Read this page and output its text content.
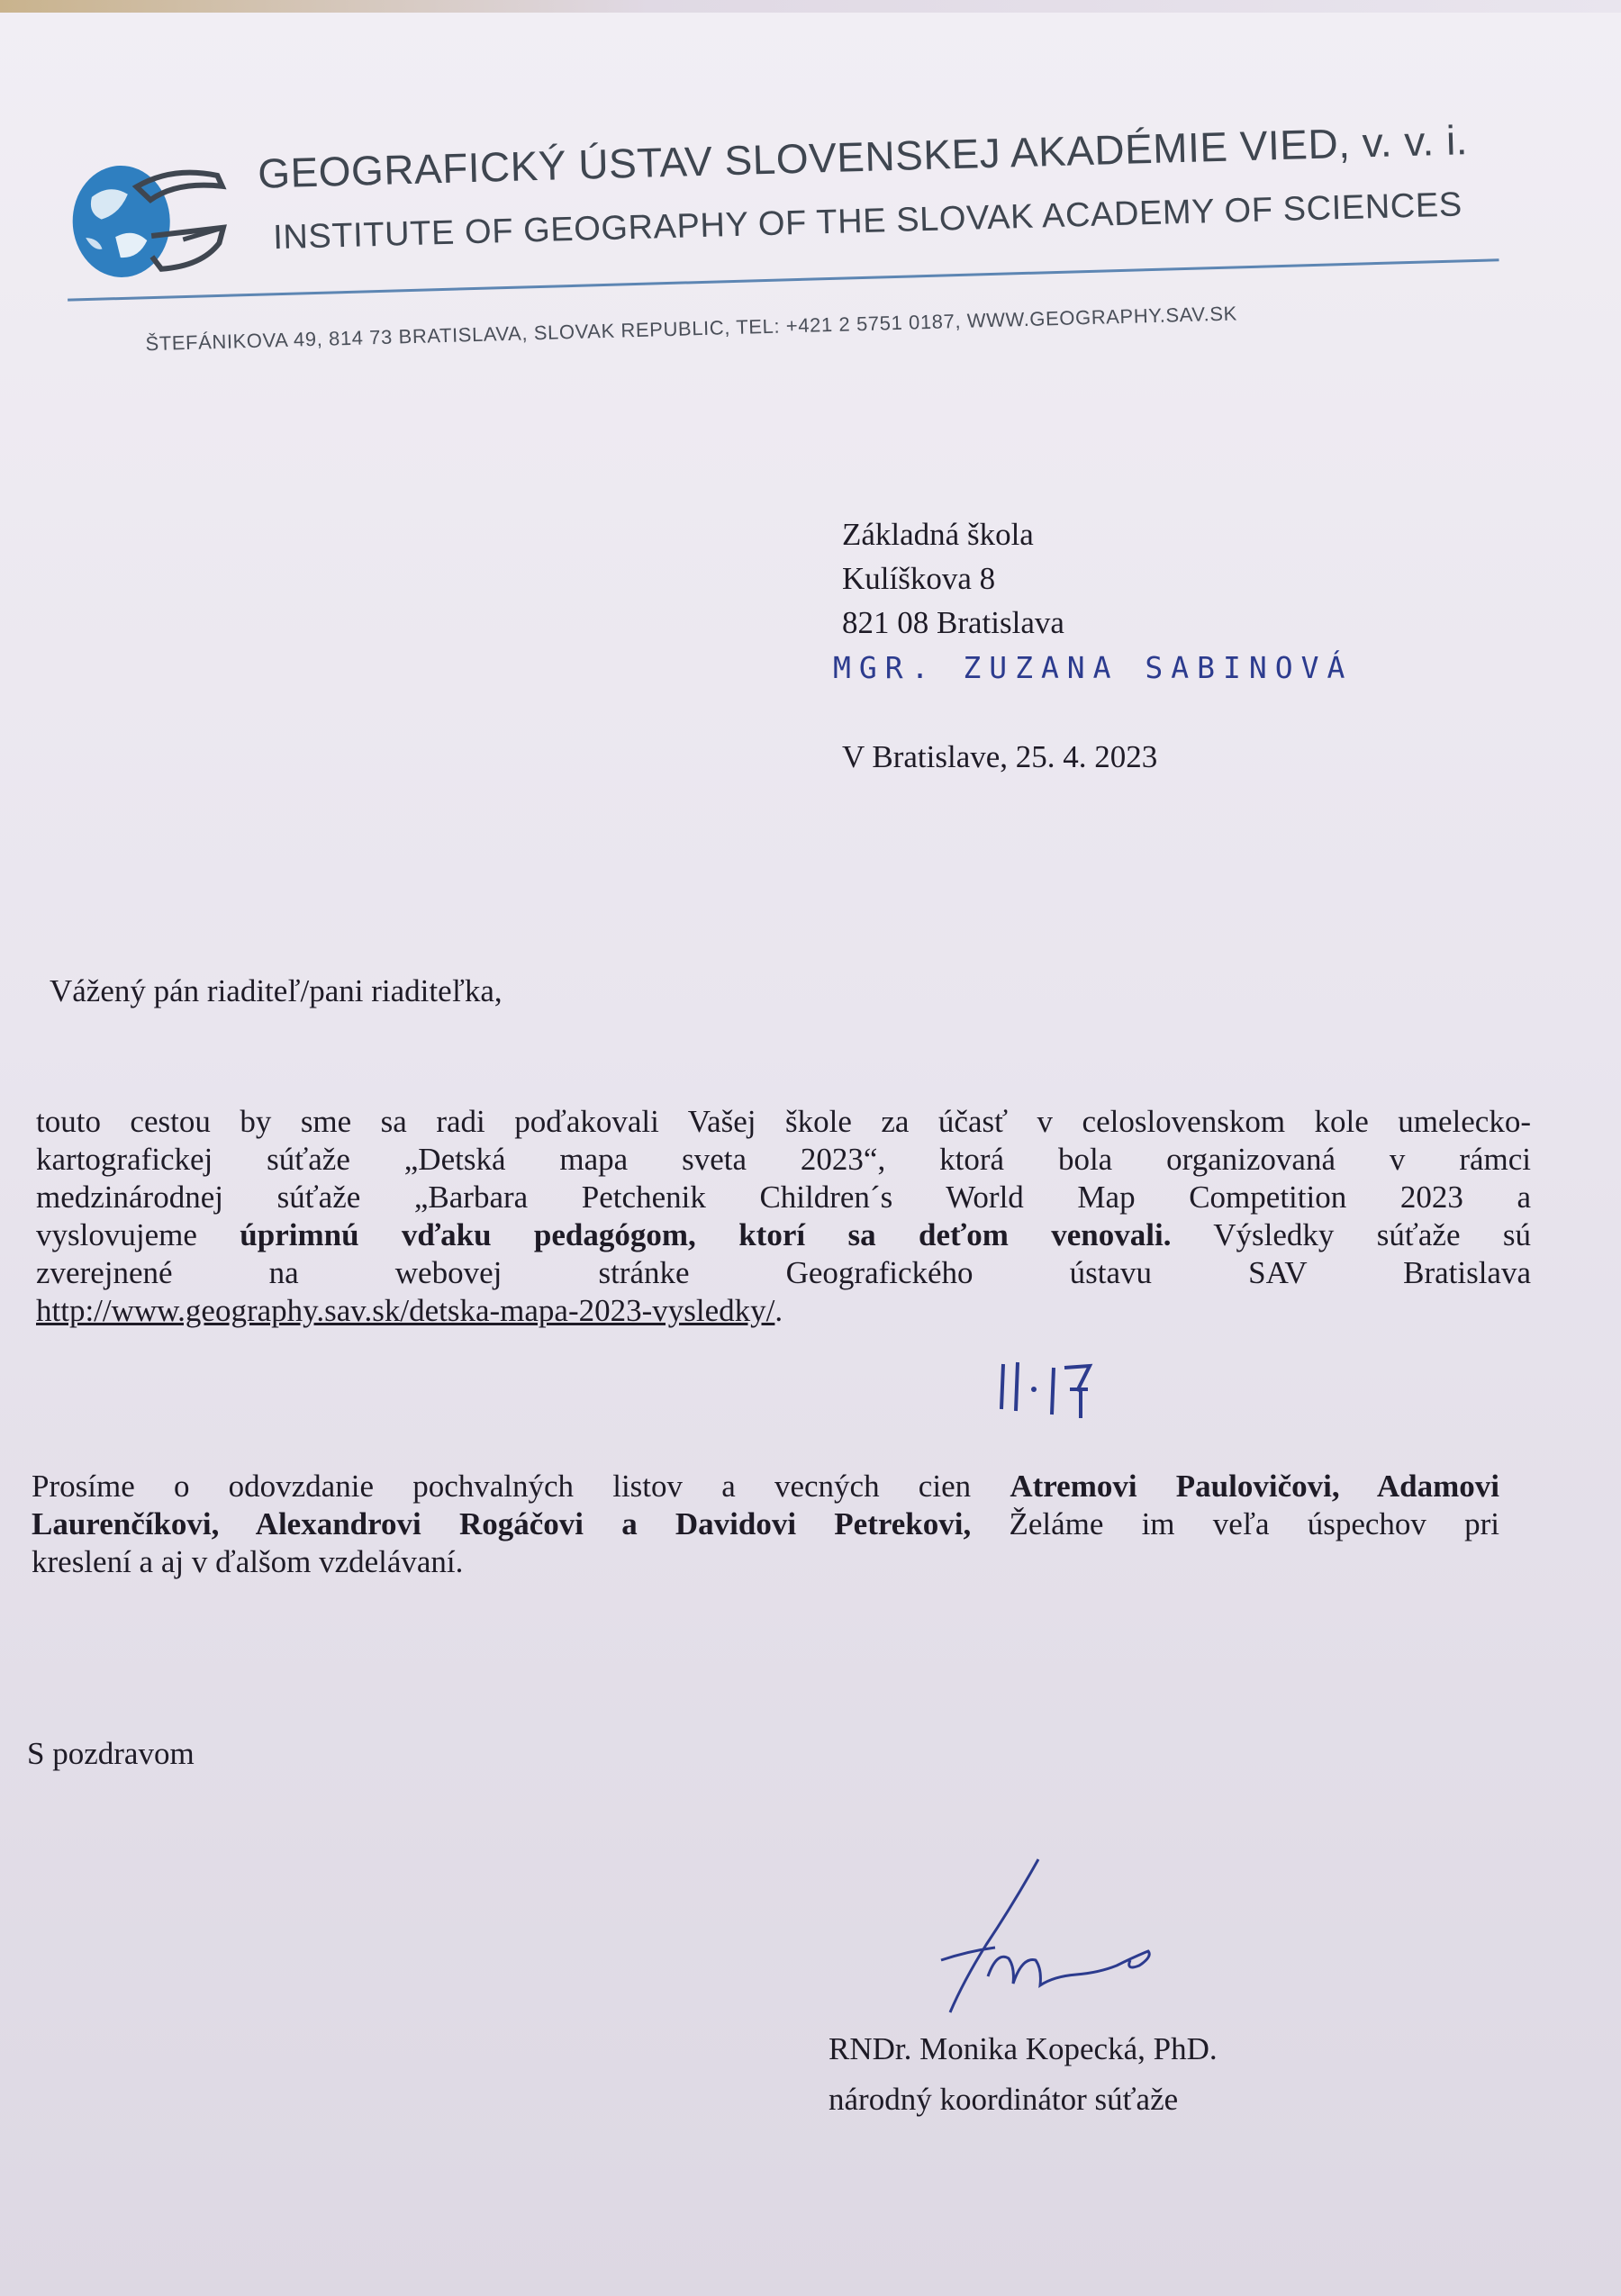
GEOGRAFICKÝ ÚSTAV SLOVENSKEJ AKADÉMIE VIED, v. v. i.
INSTITUTE OF GEOGRAPHY OF THE SLOVAK ACADEMY OF SCIENCES
ŠTEFÁNIKOVA 49, 814 73 BRATISLAVA, SLOVAK REPUBLIC, TEL: +421 2 5751 0187, WWW.GEOGRAPHY.SAV.SK
Základná škola
Kulíškova 8
821 08 Bratislava
MGR. ZUZANA SABINOVÁ
V Bratislave, 25. 4. 2023
Vážený pán riaditeľ/pani riaditeľka,
touto cestou by sme sa radi poďakovali Vašej škole za účasť v celoslovenskom kole umelecko-
kartografickej súťaže „Detská mapa sveta 2023“, ktorá bola organizovaná v rámci
medzinárodnej súťaže „Barbara Petchenik Children´s World Map Competition 2023 a
vyslovujeme úprimnú vďaku pedagógom, ktorí sa deťom venovali. Výsledky súťaže sú
zverejnené na webovej stránke Geografického ústavu SAV Bratislava
http://www.geography.sav.sk/detska-mapa-2023-vysledky/.
Prosíme o odovzdanie pochvalných listov a vecných cien Atremovi Paulovičovi, Adamovi
Laurenčíkovi, Alexandrovi Rogáčovi a Davidovi Petrekovi, Želáme im veľa úspechov pri
kreslení a aj v ďalšom vzdelávaní.
S pozdravom
RNDr. Monika Kopecká, PhD.
národný koordinátor súťaže
